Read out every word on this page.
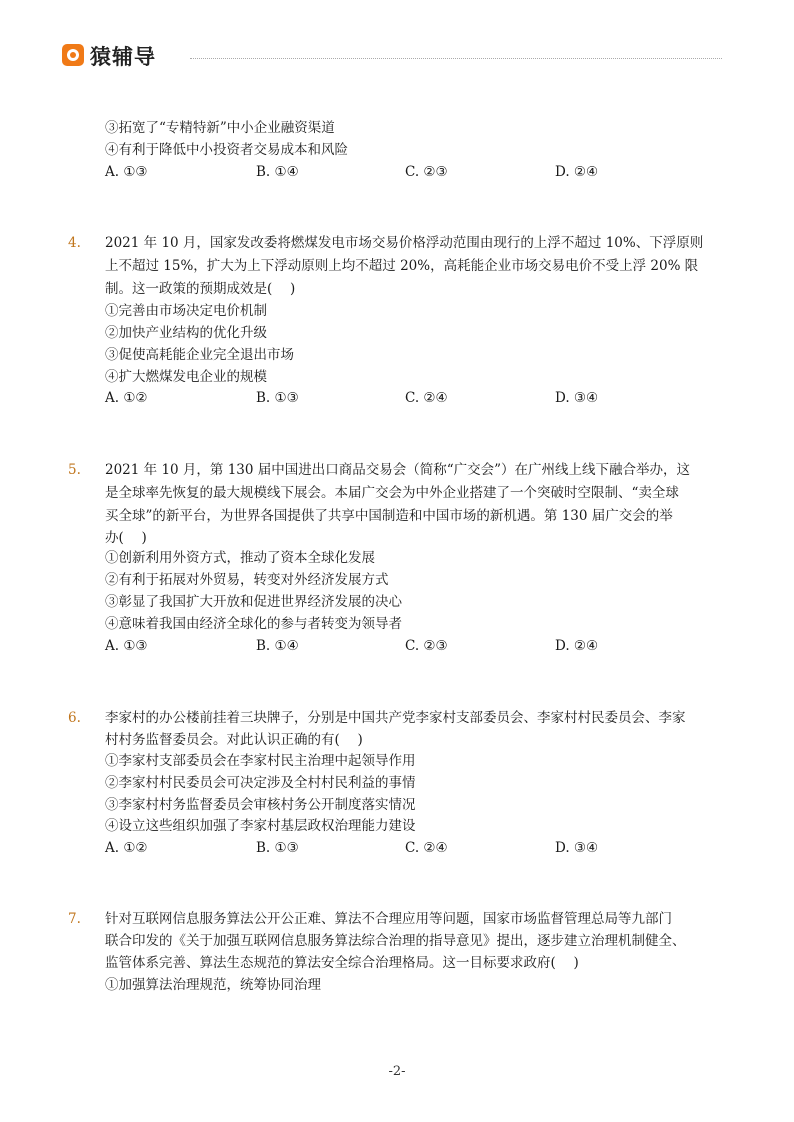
猿辅导
③拓宽了“专精特新”中小企业融资渠道
④有利于降低中小投资者交易成本和风险
A. ①③	B. ①④	C. ②③	D. ②④
4. 2021 年 10 月，国家发改委将燃煤发电市场交易价格浮动范围由现行的上浮不超过 10%、下浮原则
上不超过 15%，扩大为上下浮动原则上均不超过 20%，高耗能企业市场交易电价不受上浮 20% 限
制。这一政策的预期成效是(　 )
①完善由市场决定电价机制
②加快产业结构的优化升级
③促使高耗能企业完全退出市场
④扩大燃煤发电企业的规模
A. ①②	B. ①③	C. ②④	D. ③④
5. 2021 年 10 月，第 130 届中国进出口商品交易会（简称“广交会”）在广州线上线下融合举办，这
是全球率先恢复的最大规模线下展会。本届广交会为中外企业搭建了一个突破时空限制、“卖全球
买全球”的新平台，为世界各国提供了共享中国制造和中国市场的新机遇。第 130 届广交会的举
办(　 )
①创新利用外资方式，推动了资本全球化发展
②有利于拓展对外贸易，转变对外经济发展方式
③彰显了我国扩大开放和促进世界经济发展的决心
④意味着我国由经济全球化的参与者转变为领导者
A. ①③	B. ①④	C. ②③	D. ②④
6. 李家村的办公楼前挂着三块牌子，分别是中国共产党李家村支部委员会、李家村村民委员会、李家
村村务监督委员会。对此认识正确的有(　 )
①李家村支部委员会在李家村民主治理中起领导作用
②李家村村民委员会可决定涉及全村村民利益的事情
③李家村村务监督委员会审核村务公开制度落实情况
④设立这些组织加强了李家村基层政权治理能力建设
A. ①②	B. ①③	C. ②④	D. ③④
7. 针对互联网信息服务算法公开公正难、算法不合理应用等问题，国家市场监督管理总局等九部门
联合印发的《关于加强互联网信息服务算法综合治理的指导意见》提出，逐步建立治理机制健全、
监管体系完善、算法生态规范的算法安全综合治理格局。这一目标要求政府(　 )
①加强算法治理规范，统筹协同治理
-2-
